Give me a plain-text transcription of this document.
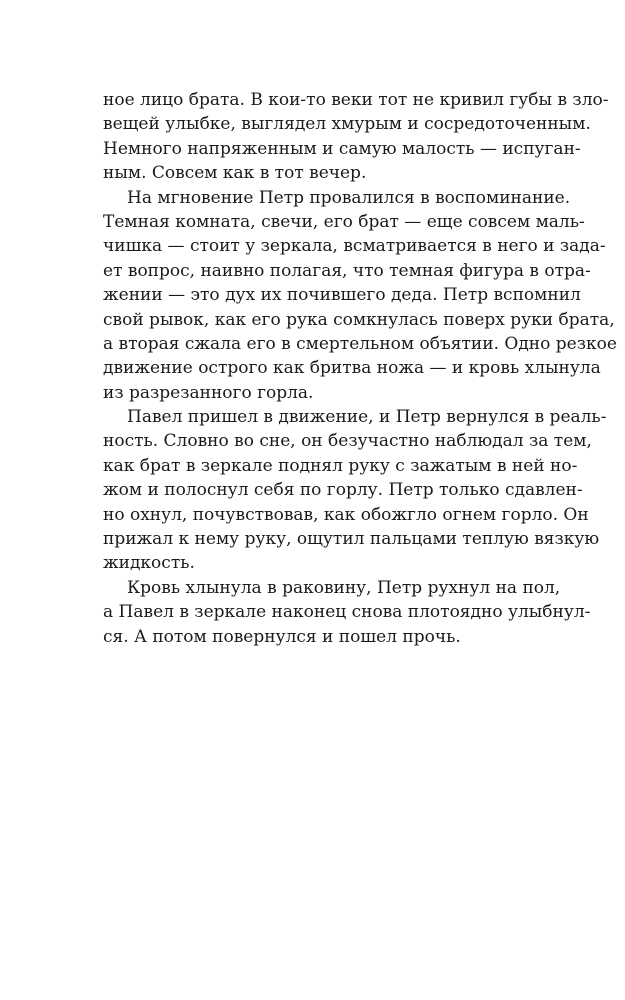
ное лицо брата. В кои-то веки тот не кривил губы в зло-
вещей улыбке, выглядел хмурым и сосредоточенным.
Немного напряженным и самую малость — испуган-
ным. Совсем как в тот вечер.
На мгновение Петр провалился в воспоминание.
Темная комната, свечи, его брат — еще совсем маль-
чишка — стоит у зеркала, всматривается в него и зада-
ет вопрос, наивно полагая, что темная фигура в отра-
жении — это дух их почившего деда. Петр вспомнил
свой рывок, как его рука сомкнулась поверх руки брата,
а вторая сжала его в смертельном объятии. Одно резкое
движение острого как бритва ножа — и кровь хлынула
из разрезанного горла.
Павел пришел в движение, и Петр вернулся в реаль-
ность. Словно во сне, он безучастно наблюдал за тем,
как брат в зеркале поднял руку с зажатым в ней но-
жом и полоснул себя по горлу. Петр только сдавлен-
но охнул, почувствовав, как обожгло огнем горло. Он
прижал к нему руку, ощутил пальцами теплую вязкую
жидкость.
Кровь хлынула в раковину, Петр рухнул на пол,
а Павел в зеркале наконец снова плотоядно улыбнул-
ся. А потом повернулся и пошел прочь.
